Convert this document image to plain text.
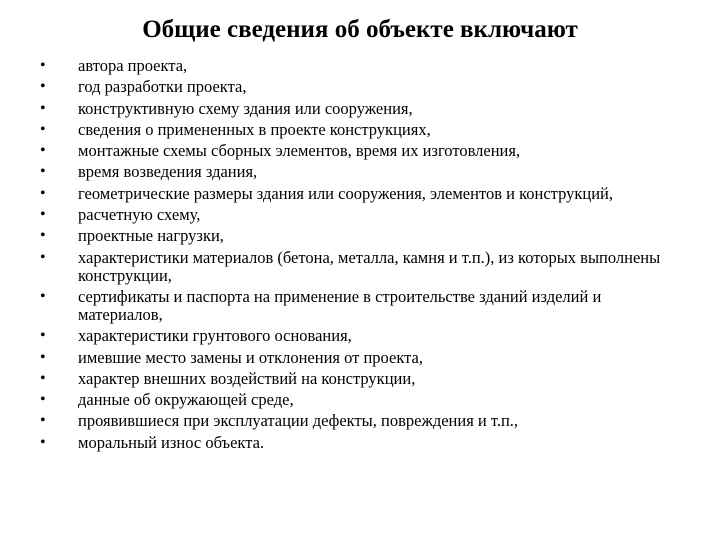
Общие сведения об объекте включают
•	автора проекта,
•	год разработки проекта,
•	конструктивную схему здания или сооружения,
•	сведения о примененных в проекте конструкциях,
•	монтажные схемы сборных элементов, время их изготовления,
•	время возведения здания,
•	геометрические размеры здания или сооружения, элементов и конструкций,
•	расчетную схему,
•	проектные нагрузки,
•	характеристики материалов (бетона, металла, камня и т.п.), из которых выполнены конструкции,
•	сертификаты и паспорта на применение в строительстве зданий изделий и материалов,
•	характеристики грунтового основания,
•	имевшие место замены и отклонения от проекта,
•	характер внешних воздействий на конструкции,
•	данные об окружающей среде,
•	проявившиеся при эксплуатации дефекты, повреждения и т.п.,
•	моральный износ объекта.
